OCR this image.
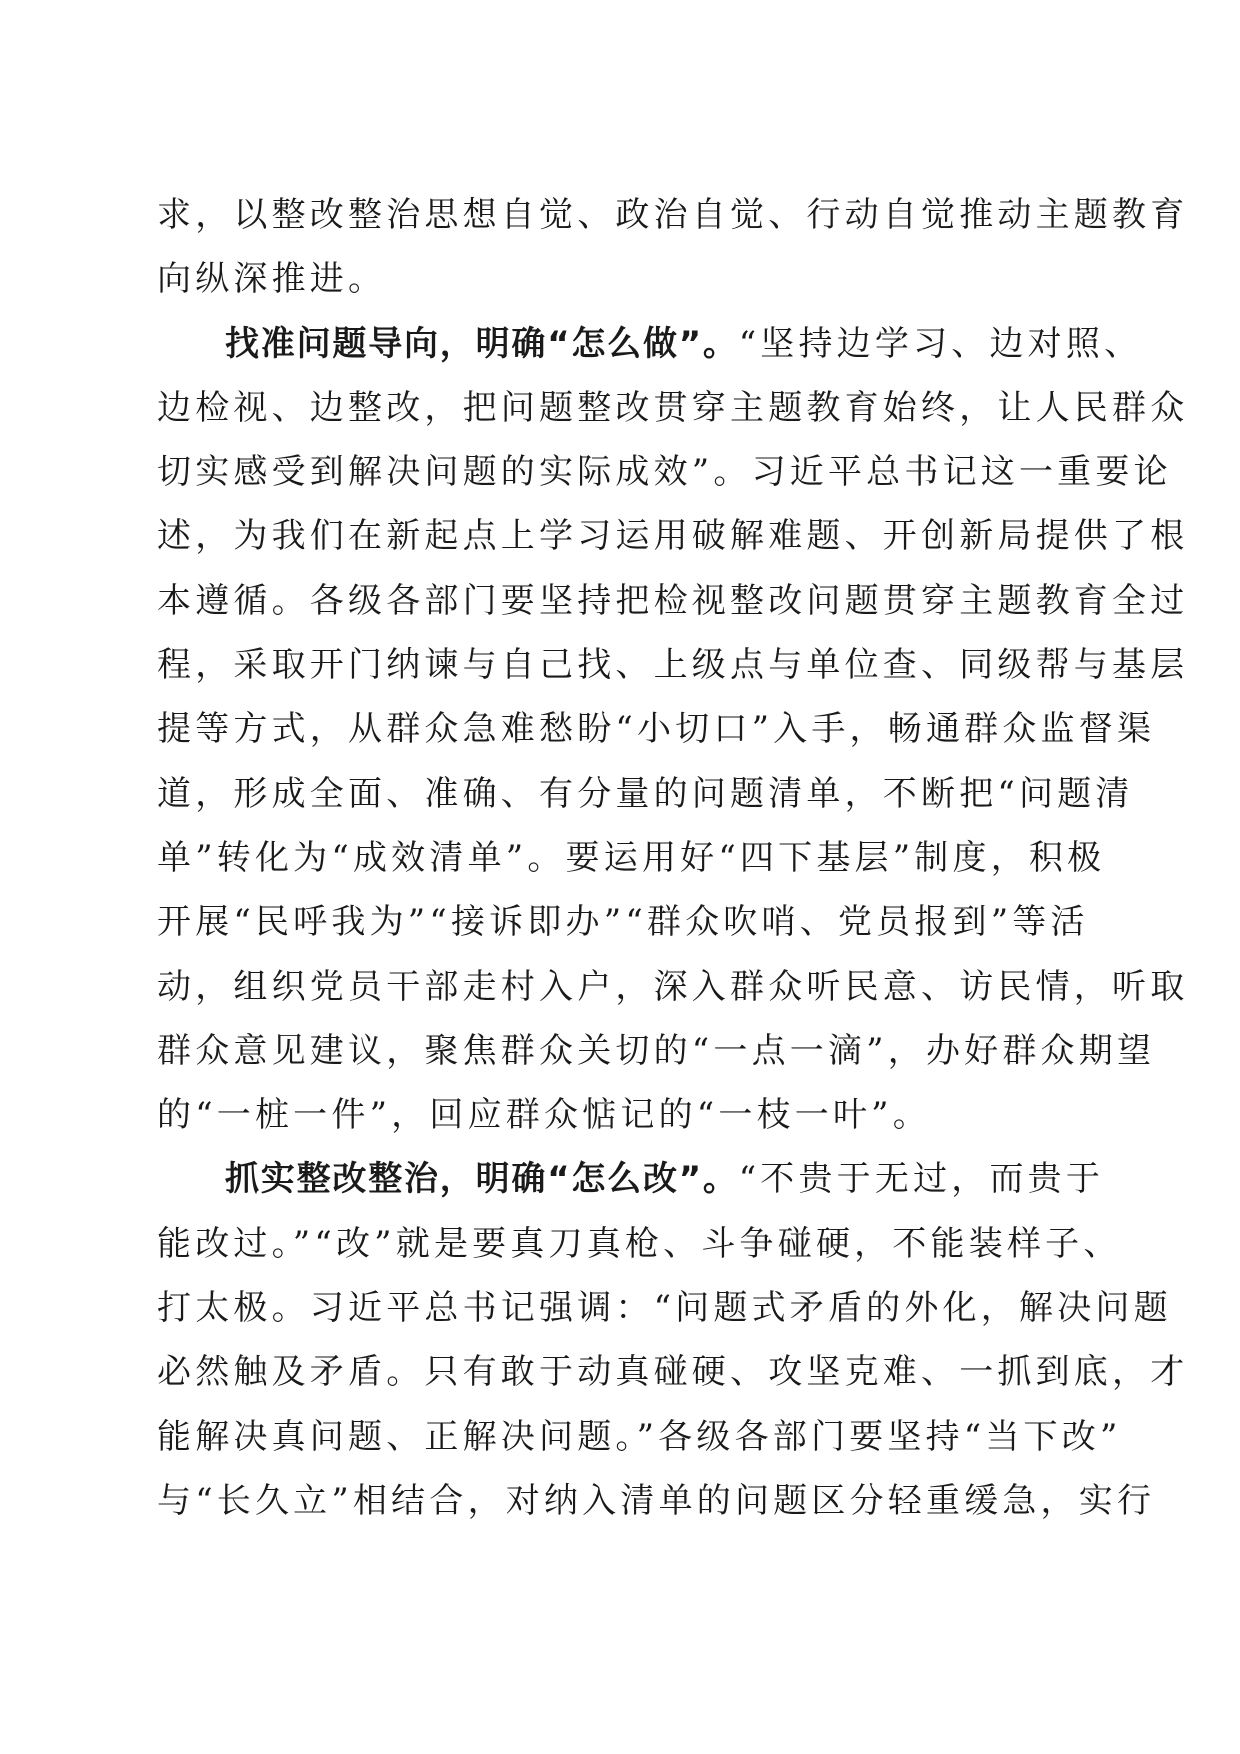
求，以整改整治思想自觉、政治自觉、行动自觉推动主题教育

向纵深推进。

找准问题导向，明确“怎么做”。“坚持边学习、边对照、

边检视、边整改，把问题整改贯穿主题教育始终，让人民群众

切实感受到解决问题的实际成效”。习近平总书记这一重要论

述，为我们在新起点上学习运用破解难题、开创新局提供了根

本遵循。各级各部门要坚持把检视整改问题贯穿主题教育全过

程，采取开门纳谏与自己找、上级点与单位查、同级帮与基层

提等方式，从群众急难愁盼“小切口”入手，畅通群众监督渠

道，形成全面、准确、有分量的问题清单，不断把“问题清

单”转化为“成效清单”。要运用好“四下基层”制度，积极

开展“民呼我为”“接诉即办”“群众吹哨、党员报到”等活

动，组织党员干部走村入户，深入群众听民意、访民情，听取

群众意见建议，聚焦群众关切的“一点一滴”，办好群众期望

的“一桩一件”，回应群众惦记的“一枝一叶”。

抓实整改整治，明确“怎么改”。“不贵于无过，而贵于

能改过。”“改”就是要真刀真枪、斗争碰硬，不能装样子、

打太极。习近平总书记强调：“问题式矛盾的外化，解决问题

必然触及矛盾。只有敢于动真碰硬、攻坚克难、一抓到底，才

能解决真问题、正解决问题。”各级各部门要坚持“当下改”

与“长久立”相结合，对纳入清单的问题区分轻重缓急，实行
